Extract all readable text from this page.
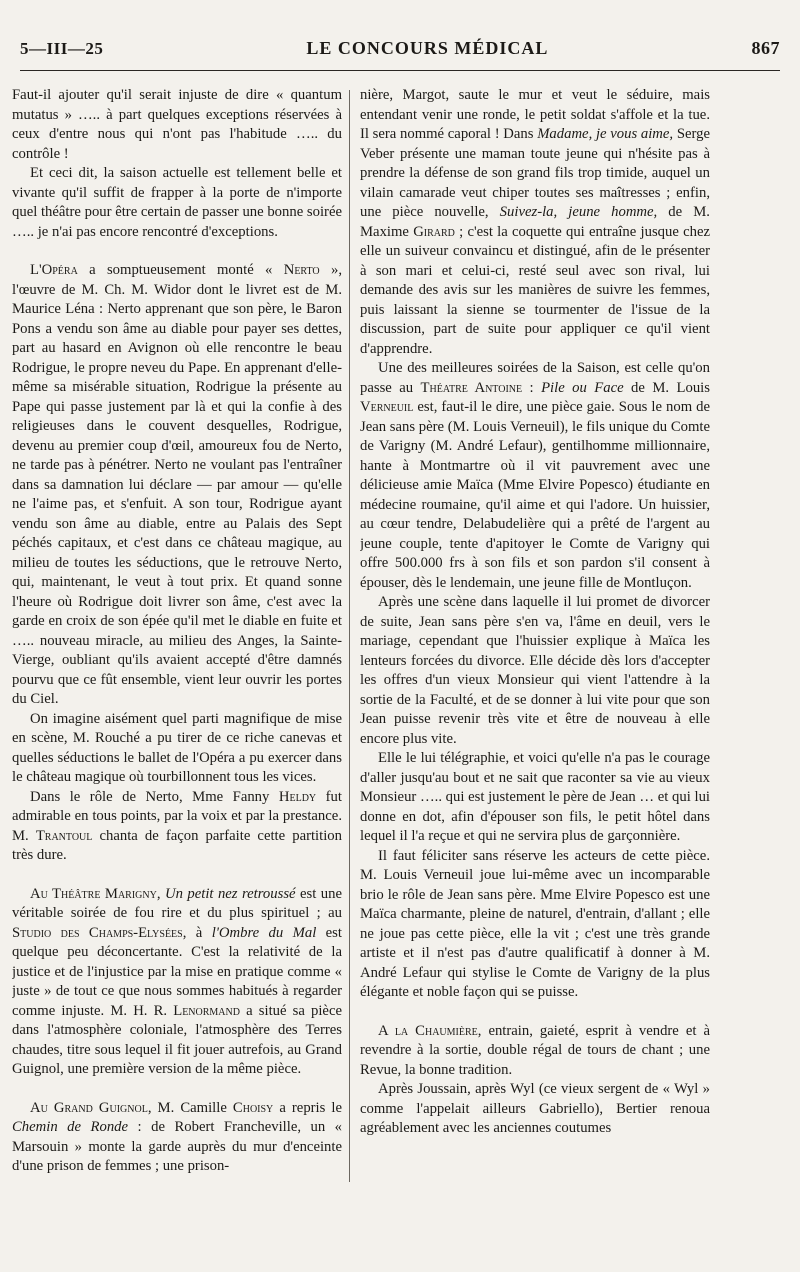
5—III—25	LE CONCOURS MÉDICAL	867

Faut-il ajouter qu'il serait injuste de dire « quantum mutatus » ….. à part quelques exceptions réservées à ceux d'entre nous qui n'ont pas l'habitude ….. du contrôle !

Et ceci dit, la saison actuelle est tellement belle et vivante qu'il suffit de frapper à la porte de n'importe quel théâtre pour être certain de passer une bonne soirée ….. je n'ai pas encore rencontré d'exceptions.

L'Opéra a somptueusement monté « Nerto », l'œuvre de M. Ch. M. Widor dont le livret est de M. Maurice Léna : Nerto apprenant que son père, le Baron Pons a vendu son âme au diable pour payer ses dettes, part au hasard en Avignon où elle rencontre le beau Rodrigue, le propre neveu du Pape. En apprenant d'elle-même sa misérable situation, Rodrigue la présente au Pape qui passe justement par là et qui la confie à des religieuses dans le couvent desquelles, Rodrigue, devenu au premier coup d'œil, amoureux fou de Nerto, ne tarde pas à pénétrer. Nerto ne voulant pas l'entraîner dans sa damnation lui déclare — par amour — qu'elle ne l'aime pas, et s'enfuit. A son tour, Rodrigue ayant vendu son âme au diable, entre au Palais des Sept péchés capitaux, et c'est dans ce château magique, au milieu de toutes les séductions, que le retrouve Nerto, qui, maintenant, le veut à tout prix. Et quand sonne l'heure où Rodrigue doit livrer son âme, c'est avec la garde en croix de son épée qu'il met le diable en fuite et ….. nouveau miracle, au milieu des Anges, la Sainte-Vierge, oubliant qu'ils avaient accepté d'être damnés pourvu que ce fût ensemble, vient leur ouvrir les portes du Ciel.

On imagine aisément quel parti magnifique de mise en scène, M. Rouché a pu tirer de ce riche canevas et quelles séductions le ballet de l'Opéra a pu exercer dans le château magique où tourbillonnent tous les vices.

Dans le rôle de Nerto, Mme Fanny Heldy fut admirable en tous points, par la voix et par la prestance. M. Trantoul chanta de façon parfaite cette partition très dure.

Au Théâtre Marigny, Un petit nez retroussé est une véritable soirée de fou rire et du plus spirituel ; au Studio des Champs-Elysées, à l'Ombre du Mal est quelque peu déconcertante. C'est la relativité de la justice et de l'injustice par la mise en pratique comme « juste » de tout ce que nous sommes habitués à regarder comme injuste. M. H. R. Lenormand a situé sa pièce dans l'atmosphère coloniale, l'atmosphère des Terres chaudes, titre sous lequel il fit jouer autrefois, au Grand Guignol, une première version de la même pièce.

Au Grand Guignol, M. Camille Choisy a repris le Chemin de Ronde : de Robert Francheville, un « Marsouin » monte la garde auprès du mur d'enceinte d'une prison de femmes ; une prison-

nière, Margot, saute le mur et veut le séduire, mais entendant venir une ronde, le petit soldat s'affole et la tue. Il sera nommé caporal ! Dans Madame, je vous aime, Serge Veber présente une maman toute jeune qui n'hésite pas à prendre la défense de son grand fils trop timide, auquel un vilain camarade veut chiper toutes ses maîtresses ; enfin, une pièce nouvelle, Suivez-la, jeune homme, de M. Maxime Girard ; c'est la coquette qui entraîne jusque chez elle un suiveur convaincu et distingué, afin de le présenter à son mari et celui-ci, resté seul avec son rival, lui demande des avis sur les manières de suivre les femmes, puis laissant la sienne se tourmenter de l'issue de la discussion, part de suite pour appliquer ce qu'il vient d'apprendre.

Une des meilleures soirées de la Saison, est celle qu'on passe au Théatre Antoine : Pile ou Face de M. Louis Verneuil est, faut-il le dire, une pièce gaie. Sous le nom de Jean sans père (M. Louis Verneuil), le fils unique du Comte de Varigny (M. André Lefaur), gentilhomme millionnaire, hante à Montmartre où il vit pauvrement avec une délicieuse amie Maïca (Mme Elvire Popesco) étudiante en médecine roumaine, qu'il aime et qui l'adore. Un huissier, au cœur tendre, Delabudelière qui a prêté de l'argent au jeune couple, tente d'apitoyer le Comte de Varigny qui offre 500.000 frs à son fils et son pardon s'il consent à épouser, dès le lendemain, une jeune fille de Montluçon.

Après une scène dans laquelle il lui promet de divorcer de suite, Jean sans père s'en va, l'âme en deuil, vers le mariage, cependant que l'huissier explique à Maïca les lenteurs forcées du divorce. Elle décide dès lors d'accepter les offres d'un vieux Monsieur qui vient l'attendre à la sortie de la Faculté, et de se donner à lui vite pour que son Jean puisse revenir très vite et être de nouveau à elle encore plus vite.

Elle le lui télégraphie, et voici qu'elle n'a pas le courage d'aller jusqu'au bout et ne sait que raconter sa vie au vieux Monsieur ….. qui est justement le père de Jean … et qui lui donne en dot, afin d'épouser son fils, le petit hôtel dans lequel il l'a reçue et qui ne servira plus de garçonnière.

Il faut féliciter sans réserve les acteurs de cette pièce. M. Louis Verneuil joue lui-même avec un incomparable brio le rôle de Jean sans père. Mme Elvire Popesco est une Maïca charmante, pleine de naturel, d'entrain, d'allant ; elle ne joue pas cette pièce, elle la vit ; c'est une très grande artiste et il n'est pas d'autre qualificatif à donner à M. André Lefaur qui stylise le Comte de Varigny de la plus élégante et noble façon qui se puisse.

A la Chaumière, entrain, gaieté, esprit à vendre et à revendre à la sortie, double régal de tours de chant ; une Revue, la bonne tradition.

Après Joussain, après Wyl (ce vieux sergent de « Wyl » comme l'appelait ailleurs Gabriello), Bertier renoua agréablement avec les anciennes coutumes
